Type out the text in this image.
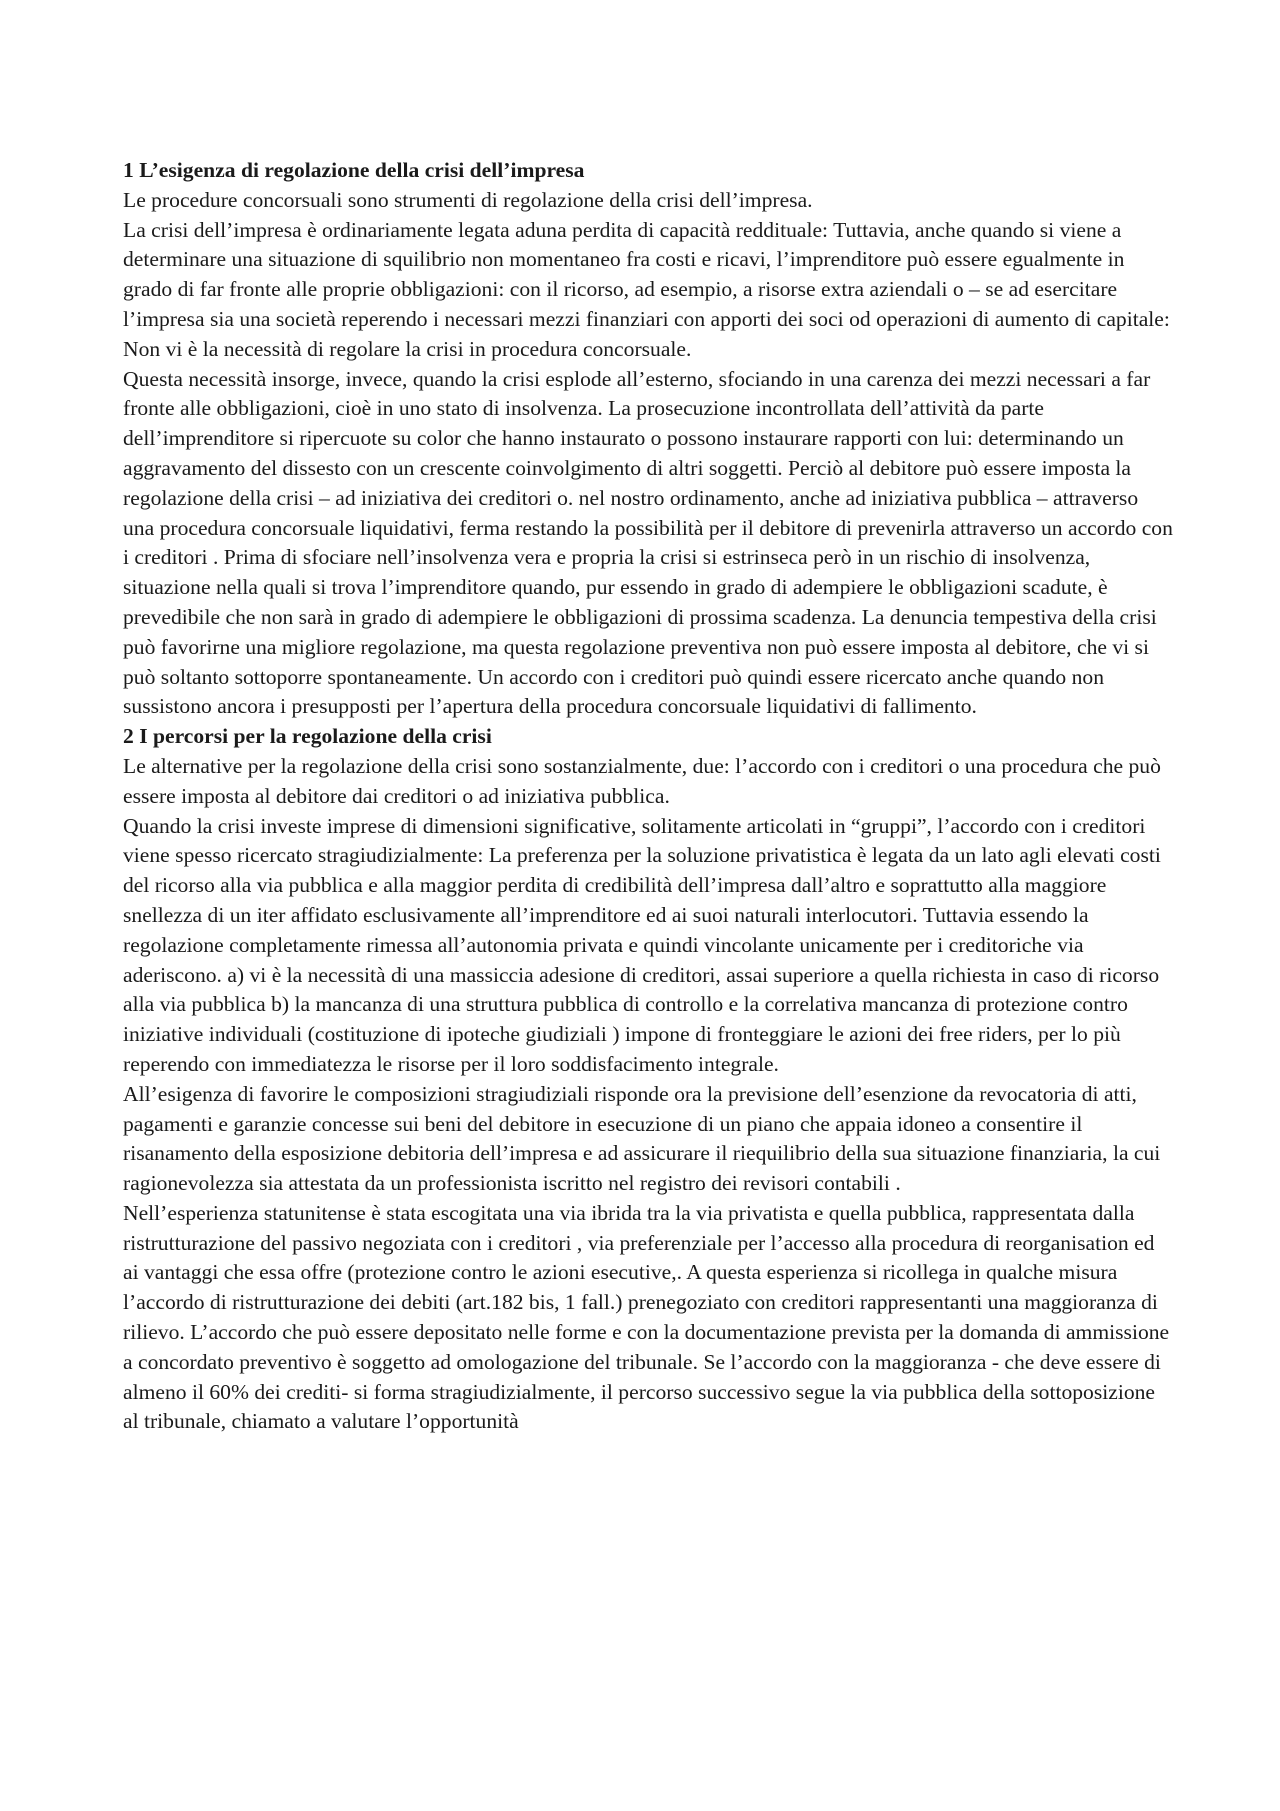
1 L’esigenza di regolazione della crisi dell’impresa

Le procedure concorsuali sono strumenti di regolazione della crisi dell’impresa.

La crisi dell’impresa è ordinariamente legata aduna perdita di capacità reddituale: Tuttavia, anche quando si viene a determinare una situazione di squilibrio non momentaneo fra costi e ricavi, l’imprenditore può essere egualmente in grado di far fronte alle proprie obbligazioni: con il ricorso, ad esempio, a risorse extra aziendali o – se ad esercitare l’impresa sia una società reperendo i necessari mezzi finanziari con apporti dei soci od operazioni di aumento di capitale: Non vi è la necessità di regolare la crisi in procedura concorsuale.

Questa necessità insorge, invece, quando la crisi esplode all’esterno, sfociando in una carenza dei mezzi necessari a far fronte alle obbligazioni, cioè in uno stato di insolvenza. La prosecuzione incontrollata dell’attività da parte dell’imprenditore si ripercuote su color che hanno instaurato o possono instaurare rapporti con lui: determinando un aggravamento del dissesto con un crescente coinvolgimento di altri soggetti. Perciò al debitore può essere imposta la regolazione della crisi – ad iniziativa dei creditori o. nel nostro ordinamento, anche ad iniziativa pubblica – attraverso una procedura concorsuale liquidativi, ferma restando la possibilità per il debitore di prevenirla attraverso un accordo con i creditori . Prima di sfociare nell’insolvenza vera e propria la crisi si estrinseca però in un rischio di insolvenza, situazione nella quali si trova l’imprenditore quando, pur essendo in grado di adempiere le obbligazioni scadute, è prevedibile che non sarà in grado di adempiere le obbligazioni di prossima scadenza. La denuncia tempestiva della crisi può favorirne una migliore regolazione, ma questa regolazione preventiva non può essere imposta al debitore, che vi si può soltanto sottoporre spontaneamente. Un accordo con i creditori può quindi essere ricercato anche quando non sussistono ancora i presupposti per l’apertura della procedura concorsuale liquidativi di fallimento.

2 I percorsi per la regolazione della crisi

Le alternative per la regolazione della crisi sono sostanzialmente, due: l’accordo con i creditori o una procedura che può essere imposta al debitore dai creditori o ad iniziativa pubblica.

Quando la crisi investe imprese di dimensioni significative, solitamente articolati in “gruppi”, l’accordo con i creditori viene spesso ricercato stragiudizialmente: La preferenza per la soluzione privatistica è legata da un lato agli elevati costi del ricorso alla via pubblica e alla maggior perdita di credibilità dell’impresa dall’altro e soprattutto alla maggiore snellezza di un iter affidato esclusivamente all’imprenditore ed ai suoi naturali interlocutori. Tuttavia essendo la regolazione completamente rimessa all’autonomia privata e quindi vincolante unicamente per i creditoriche via aderiscono. a) vi è la necessità di una massiccia adesione di creditori, assai superiore a quella richiesta in caso di ricorso alla via pubblica b) la mancanza di una struttura pubblica di controllo e la correlativa mancanza di protezione contro iniziative individuali (costituzione di ipoteche giudiziali ) impone di fronteggiare le azioni dei free riders, per lo più reperendo con immediatezza le risorse per il loro soddisfacimento integrale.

All’esigenza di favorire le composizioni stragiudiziali risponde ora la previsione dell’esenzione da revocatoria di atti, pagamenti e garanzie concesse sui beni del debitore in esecuzione di un piano che appaia idoneo a consentire il risanamento della esposizione debitoria dell’impresa e ad assicurare il riequilibrio della sua situazione finanziaria, la cui ragionevolezza sia attestata da un professionista iscritto nel registro dei revisori contabili .

Nell’esperienza statunitense è stata escogitata una via ibrida tra la via privatista e quella pubblica, rappresentata dalla ristrutturazione del passivo negoziata con i creditori , via preferenziale per l’accesso alla procedura di reorganisation ed ai vantaggi che essa offre (protezione contro le azioni esecutive,. A questa esperienza si ricollega in qualche misura l’accordo di ristrutturazione dei debiti (art.182 bis, 1 fall.) prenegoziato con creditori rappresentanti una maggioranza di rilievo. L’accordo che può essere depositato nelle forme e con la documentazione prevista per la domanda di ammissione a concordato preventivo è soggetto ad omologazione del tribunale. Se l’accordo con la maggioranza - che deve essere di almeno il 60% dei crediti- si forma stragiudizialmente, il percorso successivo segue la via pubblica della sottoposizione al tribunale, chiamato a valutare l’opportunità
